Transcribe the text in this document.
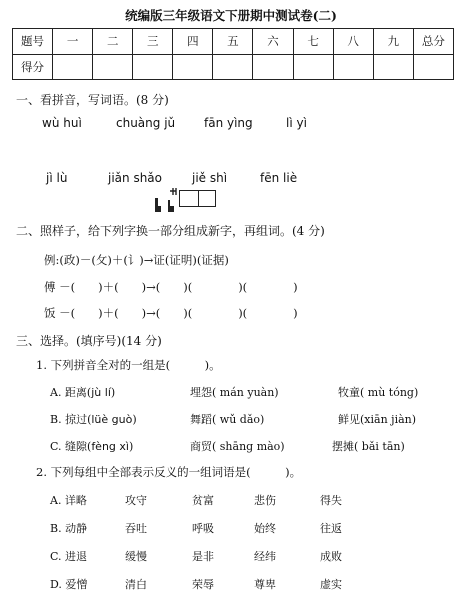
统编版三年级语文下册期中测试卷(二)
题号	一	二	三	四	五	六	七	八	九	总分
得分										
一、看拼音，写词语。(8 分)
wù huì	chuàng jǔ fān yìng	lì yì
jì lù	jiǎn shǎo	jiě shì	fēn liè
二、照样子，给下列字换一部分组成新字，再组词。(4 分)
例:(政)－(攵)＋(讠)→证(证明)(证据)
傅 －(　　)＋(　　)→(　　)(　　　　)(　　　　)
饭 －(　　)＋(　　)→(　　)(　　　　)(　　　　)
三、选择。(填序号)(14 分)
1. 下列拼音全对的一组是(　　　)。
A. 距离(jù lí)	埋怨( mán yuàn)	牧童( mù tóng)
B. 掠过(lüè guò)	舞蹈( wǔ dǎo)	鲜见(xiān jiàn)
C. 缝隙(fèng xì)	商贸( shāng mào)	摆摊( bǎi tān)
2. 下列每组中全部表示反义的一组词语是(　　　)。
A. 详略	攻守	贫富	悲伤	得失
B. 动静	吞吐	呼吸	始终	往返
C. 进退	缓慢	是非	经纬	成败
D. 爱憎	清白	荣辱	尊卑	虚实
